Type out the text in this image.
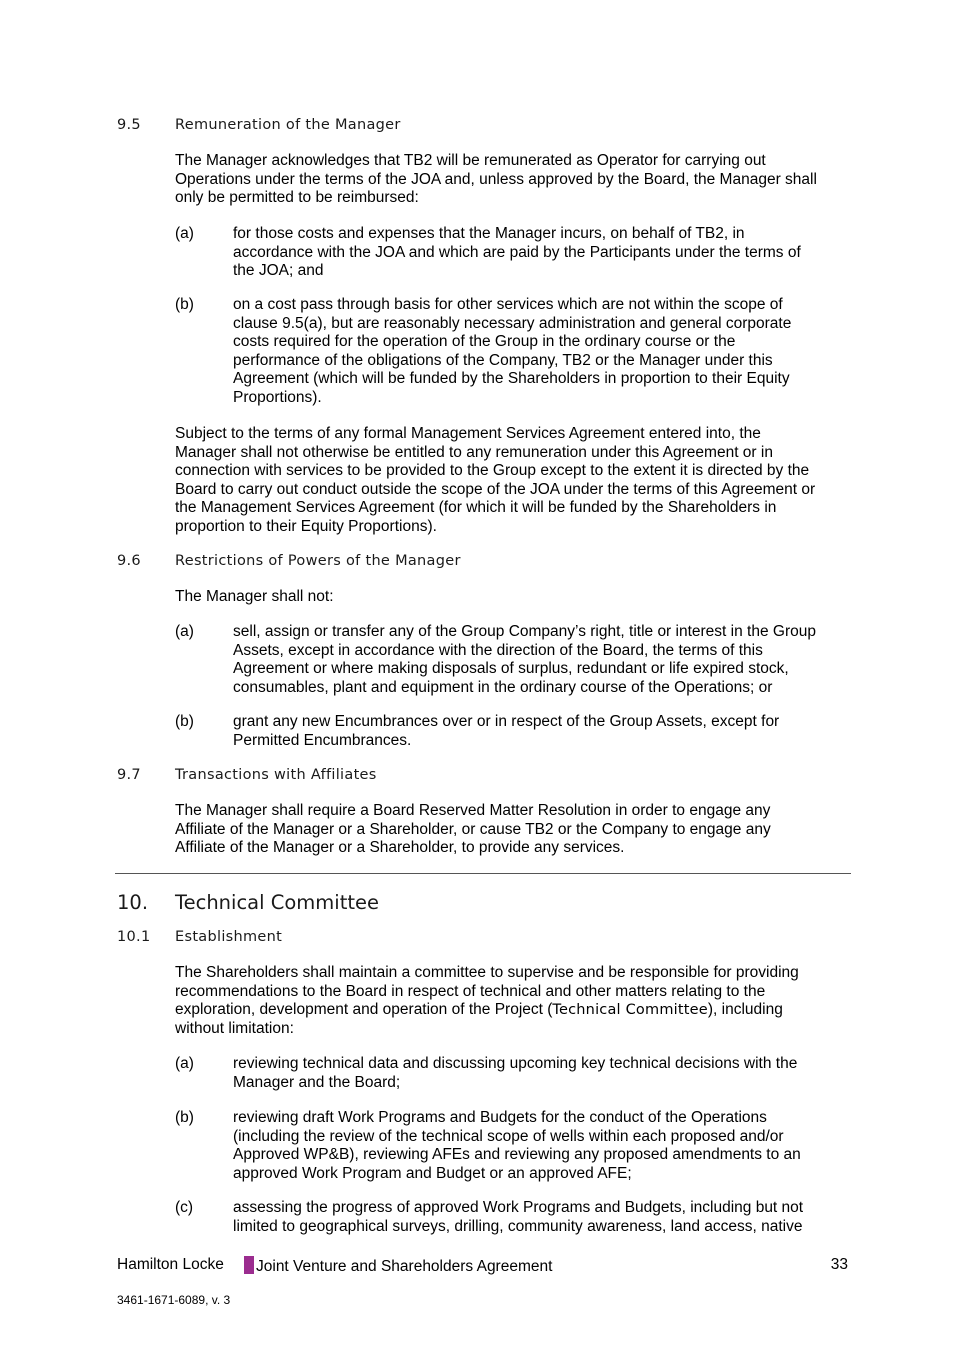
9.5 Remuneration of the Manager
The Manager acknowledges that TB2 will be remunerated as Operator for carrying out
Operations under the terms of the JOA and, unless approved by the Board, the Manager shall
only be permitted to be reimbursed:
(a)	for those costs and expenses that the Manager incurs, on behalf of TB2, in
accordance with the JOA and which are paid by the Participants under the terms of
the JOA; and
(b)	on a cost pass through basis for other services which are not within the scope of
clause 9.5(a), but are reasonably necessary administration and general corporate
costs required for the operation of the Group in the ordinary course or the
performance of the obligations of the Company, TB2 or the Manager under this
Agreement (which will be funded by the Shareholders in proportion to their Equity
Proportions).
Subject to the terms of any formal Management Services Agreement entered into, the
Manager shall not otherwise be entitled to any remuneration under this Agreement or in
connection with services to be provided to the Group except to the extent it is directed by the
Board to carry out conduct outside the scope of the JOA under the terms of this Agreement or
the Management Services Agreement (for which it will be funded by the Shareholders in
proportion to their Equity Proportions).
9.6 Restrictions of Powers of the Manager
The Manager shall not:
(a)	sell, assign or transfer any of the Group Company’s right, title or interest in the Group
Assets, except in accordance with the direction of the Board, the terms of this
Agreement or where making disposals of surplus, redundant or life expired stock,
consumables, plant and equipment in the ordinary course of the Operations; or
(b)	grant any new Encumbrances over or in respect of the Group Assets, except for
Permitted Encumbrances.
9.7 Transactions with Affiliates
The Manager shall require a Board Reserved Matter Resolution in order to engage any
Affiliate of the Manager or a Shareholder, or cause TB2 or the Company to engage any
Affiliate of the Manager or a Shareholder, to provide any services.
10. Technical Committee
10.1 Establishment
The Shareholders shall maintain a committee to supervise and be responsible for providing
recommendations to the Board in respect of technical and other matters relating to the
exploration, development and operation of the Project (Technical Committee), including
without limitation:
(a)	reviewing technical data and discussing upcoming key technical decisions with the
Manager and the Board;
(b)	reviewing draft Work Programs and Budgets for the conduct of the Operations
(including the review of the technical scope of wells within each proposed and/or
Approved WP&B), reviewing AFEs and reviewing any proposed amendments to an
approved Work Program and Budget or an approved AFE;
(c)	assessing the progress of approved Work Programs and Budgets, including but not
limited to geographical surveys, drilling, community awareness, land access, native
Hamilton Locke	Joint Venture and Shareholders Agreement	33
3461-1671-6089, v. 3
